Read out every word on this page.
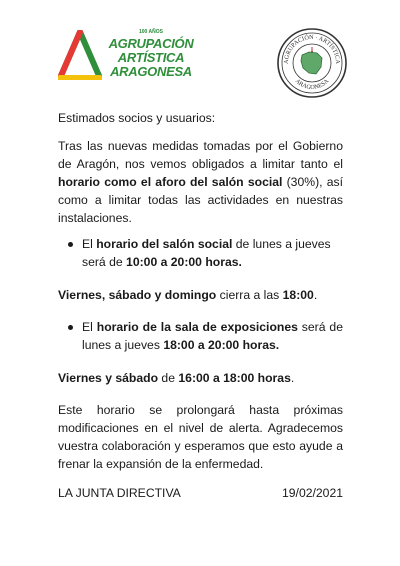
100 AÑOS
AGRUPACIÓN
ARTÍSTICA
ARAGONESA
AGRUPACIÓN · ARTÍSTICA
ARAGONESA
Estimados socios y usuarios:

Tras las nuevas medidas tomadas por el Gobierno de Aragón, nos vemos obligados a limitar tanto el horario como el aforo del salón social (30%), así como a limitar todas las actividades en nuestras instalaciones.

El horario del salón social de lunes a jueves será de 10:00 a 20:00 horas.

Viernes, sábado y domingo cierra a las 18:00.

El horario de la sala de exposiciones será de lunes a jueves 18:00 a 20:00 horas.

Viernes y sábado de 16:00 a 18:00 horas.

Este horario se prolongará hasta próximas modificaciones en el nivel de alerta. Agradecemos vuestra colaboración y esperamos que esto ayude a frenar la expansión de la enfermedad.

LA JUNTA DIRECTIVA	19/02/2021
